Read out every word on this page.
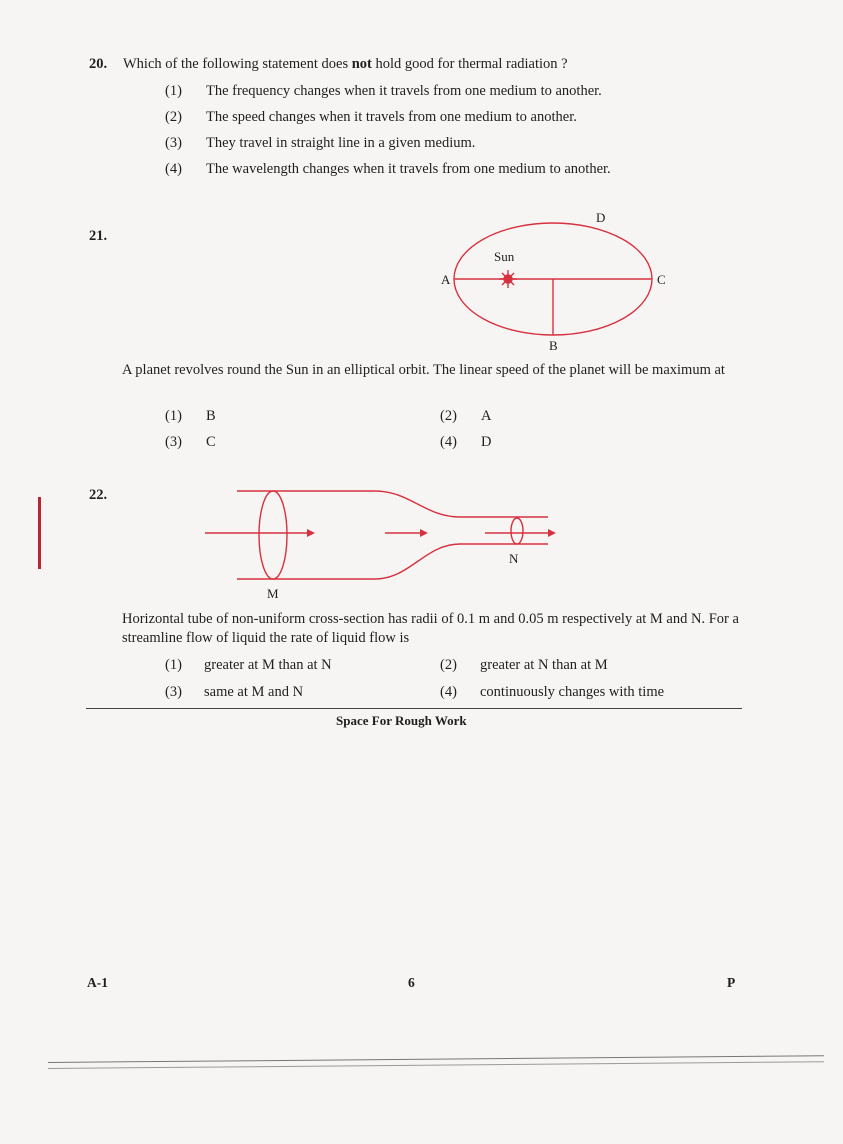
20. Which of the following statement does not hold good for thermal radiation ?
(1) The frequency changes when it travels from one medium to another.
(2) The speed changes when it travels from one medium to another.
(3) They travel in straight line in a given medium.
(4) The wavelength changes when it travels from one medium to another.
21.
Sun
A
B
C
D
A planet revolves round the Sun in an elliptical orbit. The linear speed of the planet will be maximum at
(1) B	(2) A
(3) C	(4) D
22.
M
N
Horizontal tube of non-uniform cross-section has radii of 0.1 m and 0.05 m respectively at M and N. For a streamline flow of liquid the rate of liquid flow is
(1) greater at M than at N	(2) greater at N than at M
(3) same at M and N	(4) continuously changes with time
Space For Rough Work
A-1	6	P
